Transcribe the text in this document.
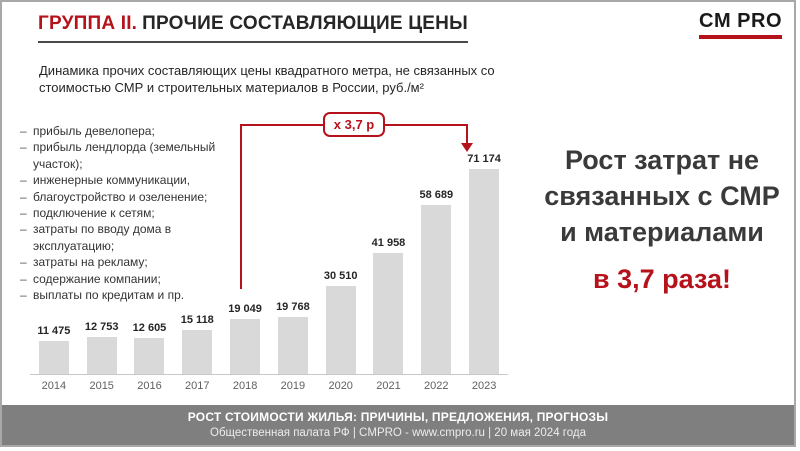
ГРУППА II. ПРОЧИЕ СОСТАВЛЯЮЩИЕ ЦЕНЫ	CM PRO
Динамика прочих составляющих цены квадратного метра, не связанных со стоимостью СМР и строительных материалов в России, руб./м²
– прибыль девелопера;
– прибыль лендлорда (земельный участок);
– инженерные коммуникации,
– благоустройство и озеленение;
– подключение к сетям;
– затраты по вводу дома в эксплуатацию;
– затраты на рекламу;
– содержание компании;
– выплаты по кредитам и пр.
11 475 12 753 12 605
15 118
19 049 19 768
30 510
41 958
58 689
71 174
2014	2015	2016	2017	2018	2019	2020	2021	2022	2023
х 3,7 р
Рост затрат не
связанных с СМР
и материалами
в 3,7 раза!
РОСТ СТОИМОСТИ ЖИЛЬЯ: ПРИЧИНЫ, ПРЕДЛОЖЕНИЯ, ПРОГНОЗЫ
Общественная палата РФ | CMPRO - www.cmpro.ru | 20 мая 2024 года
